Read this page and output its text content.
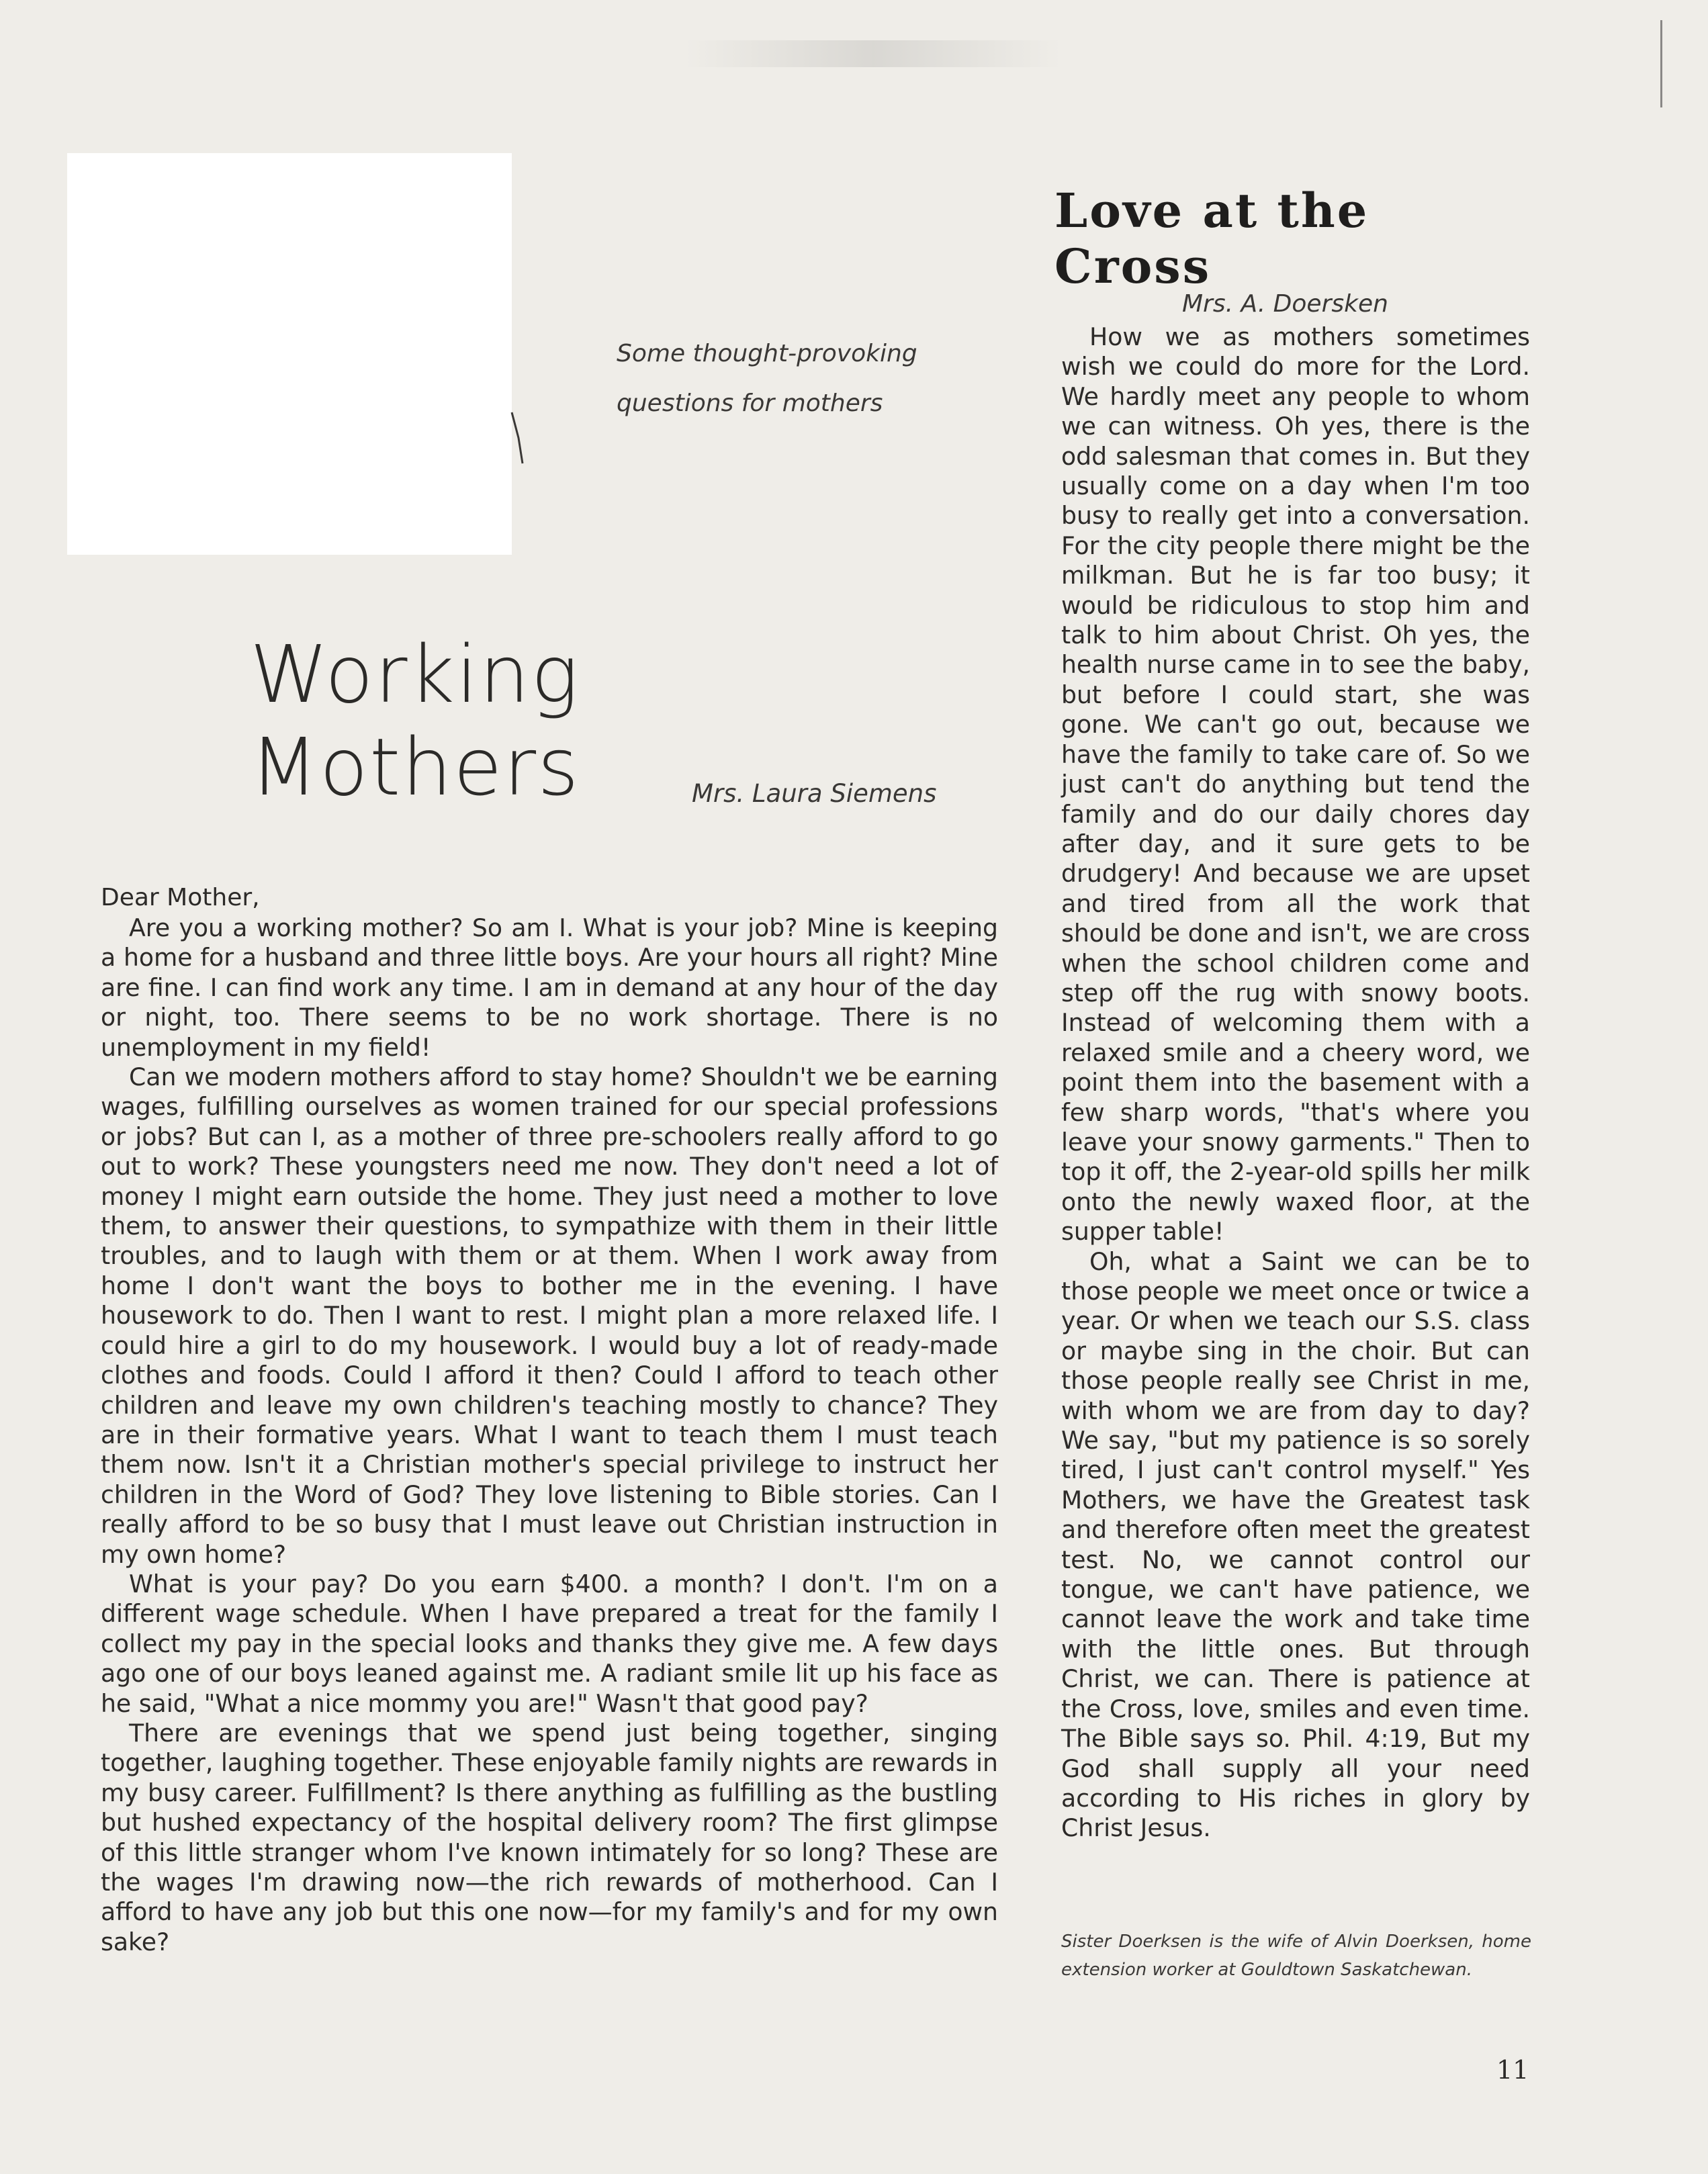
Some thought-provoking
questions for mothers
Working Mothers	Mrs. Laura Siemens
Dear Mother,

Are you a working mother? So am I. What is your job? Mine is keeping a home for a husband and three little boys. Are your hours all right? Mine are fine. I can find work any time. I am in demand at any hour of the day or night, too. There seems to be no work shortage. There is no unemployment in my field!

Can we modern mothers afford to stay home? Shouldn't we be earning wages, fulfilling ourselves as women trained for our special professions or jobs? But can I, as a mother of three pre-schoolers really afford to go out to work? These youngsters need me now. They don't need a lot of money I might earn outside the home. They just need a mother to love them, to answer their questions, to sympathize with them in their little troubles, and to laugh with them or at them. When I work away from home I don't want the boys to bother me in the evening. I have housework to do. Then I want to rest. I might plan a more relaxed life. I could hire a girl to do my housework. I would buy a lot of ready-made clothes and foods. Could I afford it then? Could I afford to teach other children and leave my own children's teaching mostly to chance? They are in their formative years. What I want to teach them I must teach them now. Isn't it a Christian mother's special privilege to instruct her children in the Word of God? They love listening to Bible stories. Can I really afford to be so busy that I must leave out Christian instruction in my own home?

What is your pay? Do you earn $400. a month? I don't. I'm on a different wage schedule. When I have prepared a treat for the family I collect my pay in the special looks and thanks they give me. A few days ago one of our boys leaned against me. A radiant smile lit up his face as he said, "What a nice mommy you are!" Wasn't that good pay?

There are evenings that we spend just being together, singing together, laughing together. These enjoyable family nights are rewards in my busy career. Fulfillment? Is there anything as fulfilling as the bustling but hushed expectancy of the hospital delivery room? The first glimpse of this little stranger whom I've known intimately for so long? These are the wages I'm drawing now—the rich rewards of motherhood. Can I afford to have any job but this one now—for my family's and for my own sake?

Love at the Cross
Mrs. A. Doersken

How we as mothers sometimes wish we could do more for the Lord. We hardly meet any people to whom we can witness. Oh yes, there is the odd salesman that comes in. But they usually come on a day when I'm too busy to really get into a conversation. For the city people there might be the milkman. But he is far too busy; it would be ridiculous to stop him and talk to him about Christ. Oh yes, the health nurse came in to see the baby, but before I could start, she was gone. We can't go out, because we have the family to take care of. So we just can't do anything but tend the family and do our daily chores day after day, and it sure gets to be drudgery! And because we are upset and tired from all the work that should be done and isn't, we are cross when the school children come and step off the rug with snowy boots. Instead of welcoming them with a relaxed smile and a cheery word, we point them into the basement with a few sharp words, "that's where you leave your snowy garments." Then to top it off, the 2-year-old spills her milk onto the newly waxed floor, at the supper table!

Oh, what a Saint we can be to those people we meet once or twice a year. Or when we teach our S.S. class or maybe sing in the choir. But can those people really see Christ in me, with whom we are from day to day? We say, "but my patience is so sorely tired, I just can't control myself." Yes Mothers, we have the Greatest task and therefore often meet the greatest test. No, we cannot control our tongue, we can't have patience, we cannot leave the work and take time with the little ones. But through Christ, we can. There is patience at the Cross, love, smiles and even time. The Bible says so. Phil. 4:19, But my God shall supply all your need according to His riches in glory by Christ Jesus.

Sister Doerksen is the wife of Alvin Doerksen, home extension worker at Gouldtown Saskatchewan.
11
